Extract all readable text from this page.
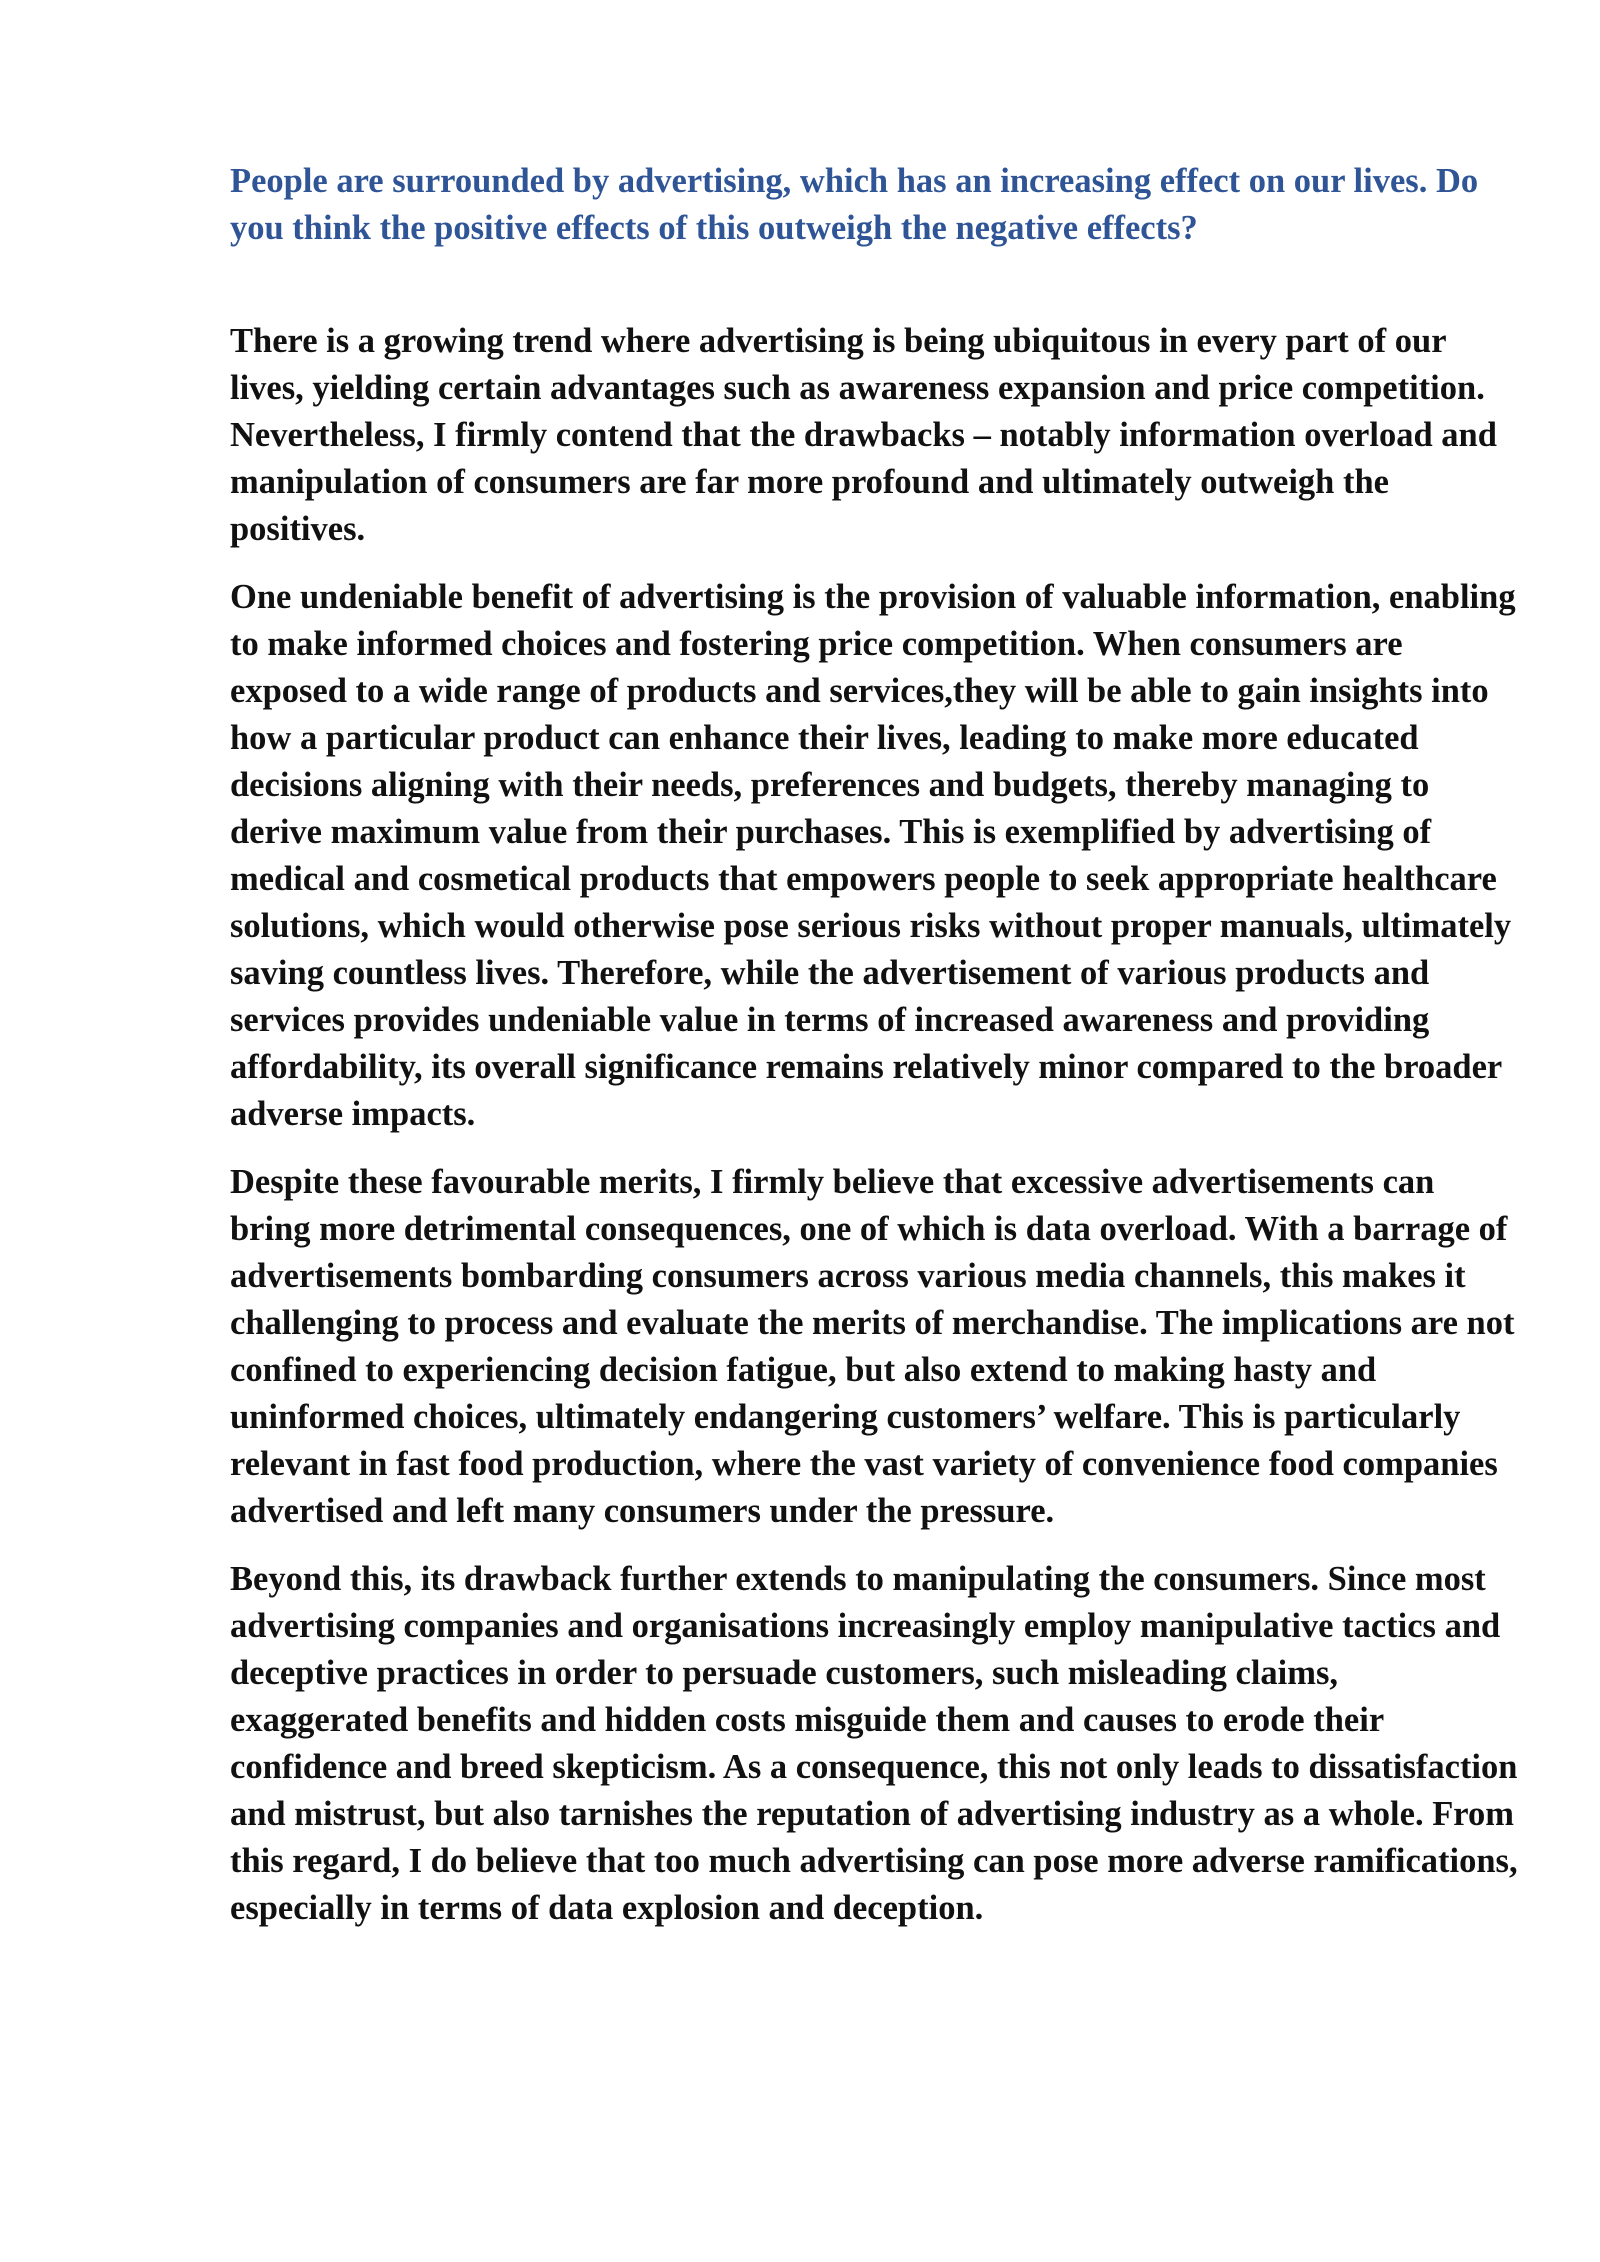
People are surrounded by advertising, which has an increasing effect on our lives. Do you think the positive effects of this outweigh the negative effects?

There is a growing trend where advertising is being ubiquitous in every part of our lives, yielding certain advantages such as awareness expansion and price competition. Nevertheless, I firmly contend that the drawbacks – notably information overload and manipulation of consumers are far more profound and ultimately outweigh the positives.

One undeniable benefit of advertising is the provision of valuable information, enabling to make informed choices and fostering price competition. When consumers are exposed to a wide range of products and services,they will be able to gain insights into how a particular product can enhance their lives, leading to make more educated decisions aligning with their needs, preferences and budgets, thereby managing to derive maximum value from their purchases. This is exemplified by advertising of medical and cosmetical products that empowers people to seek appropriate healthcare solutions, which would otherwise pose serious risks without proper manuals, ultimately saving countless lives. Therefore, while the advertisement of various products and services provides undeniable value in terms of increased awareness and providing affordability, its overall significance remains relatively minor compared to the broader adverse impacts.

Despite these favourable merits, I firmly believe that excessive advertisements can bring more detrimental consequences, one of which is data overload. With a barrage of advertisements bombarding consumers across various media channels, this makes it challenging to process and evaluate the merits of merchandise. The implications are not confined to experiencing decision fatigue, but also extend to making hasty and uninformed choices, ultimately endangering customers’ welfare. This is particularly relevant in fast food production, where the vast variety of convenience food companies advertised and left many consumers under the pressure.

Beyond this, its drawback further extends to manipulating the consumers. Since most advertising companies and organisations increasingly employ manipulative tactics and deceptive practices in order to persuade customers, such misleading claims, exaggerated benefits and hidden costs misguide them and causes to erode their confidence and breed skepticism. As a consequence, this not only leads to dissatisfaction and mistrust, but also tarnishes the reputation of advertising industry as a whole. From this regard, I do believe that too much advertising can pose more adverse ramifications, especially in terms of data explosion and deception.
